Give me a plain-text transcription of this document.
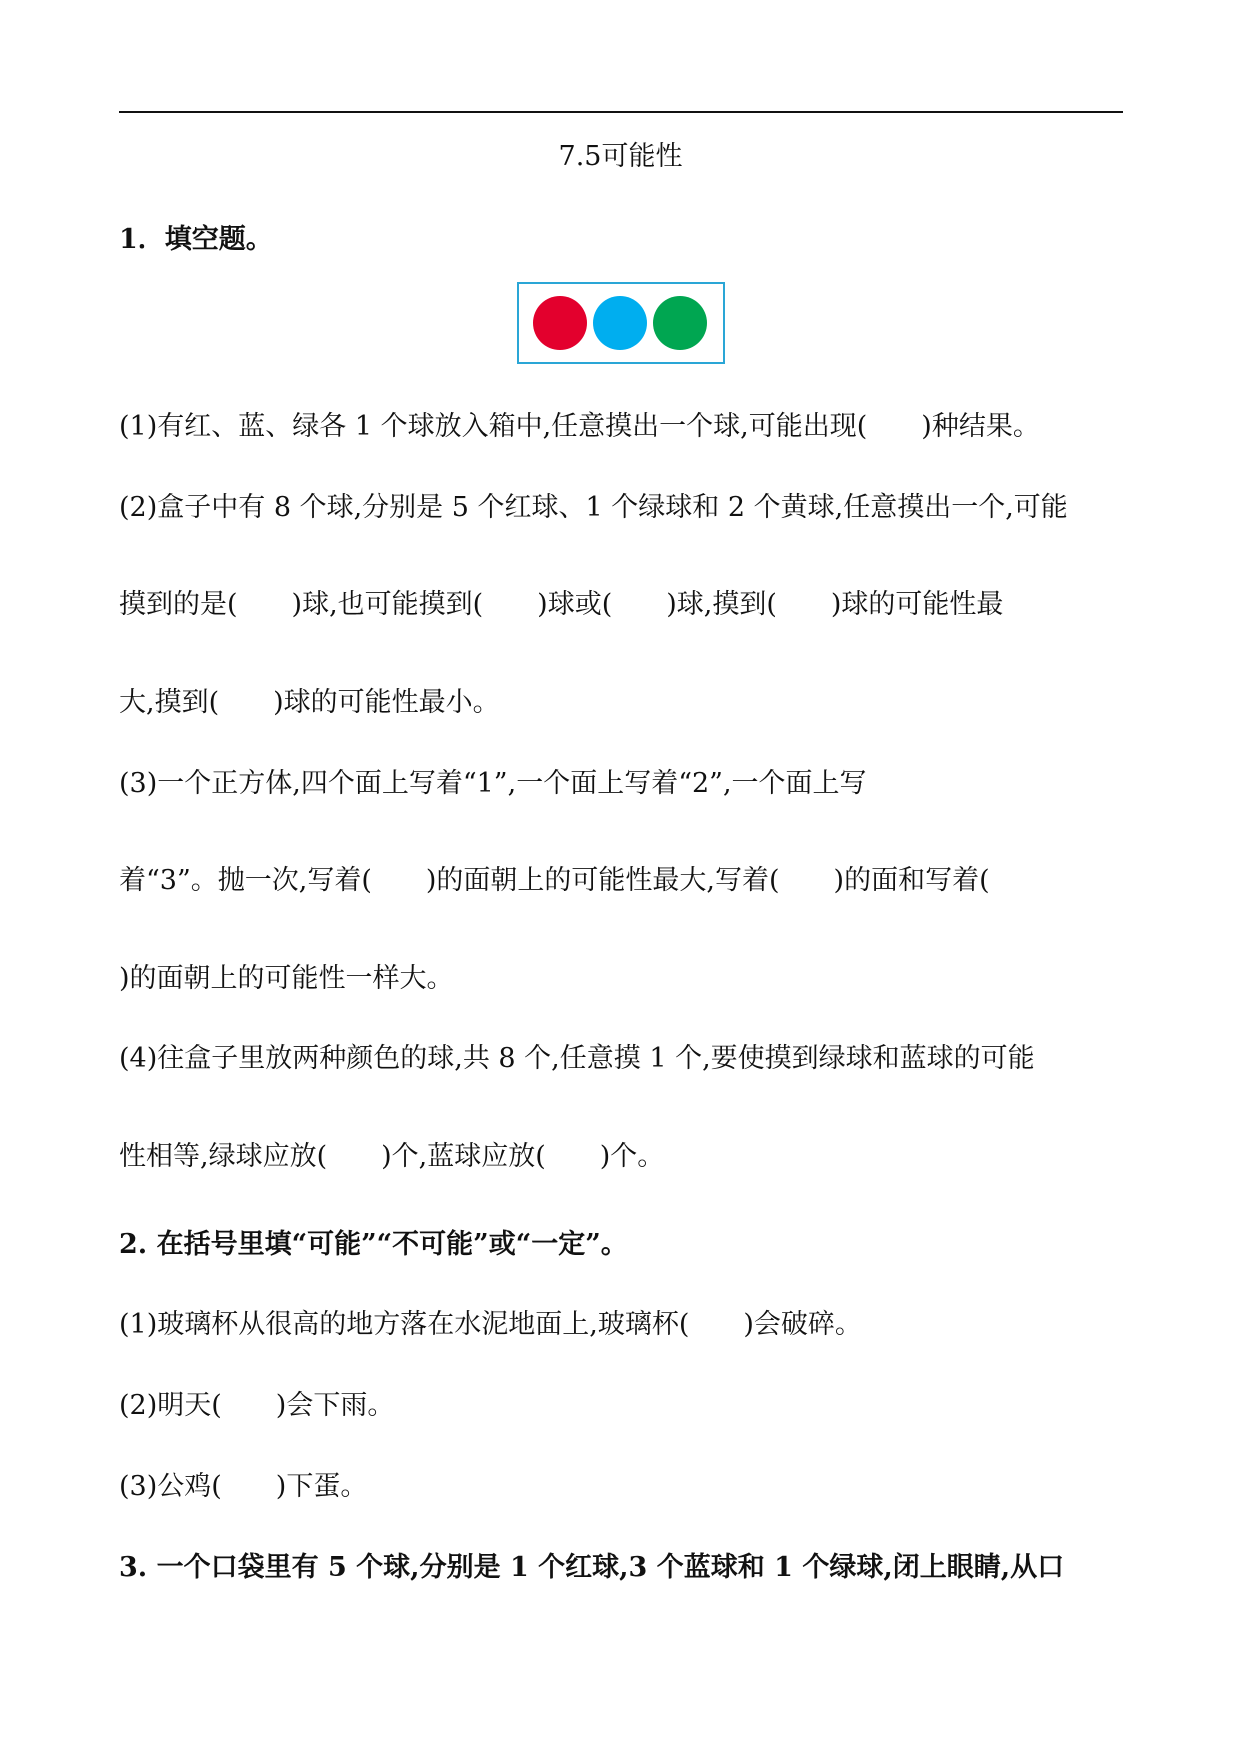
7.5可能性
1．填空题。
(1)有红、蓝、绿各 1 个球放入箱中,任意摸出一个球,可能出现(　　)种结果。
(2)盒子中有 8 个球,分别是 5 个红球、1 个绿球和 2 个黄球,任意摸出一个,可能
摸到的是(　　)球,也可能摸到(　　)球或(　　)球,摸到(　　)球的可能性最
大,摸到(　　)球的可能性最小。
(3)一个正方体,四个面上写着“1”,一个面上写着“2”,一个面上写
着“3”。抛一次,写着(　　)的面朝上的可能性最大,写着(　　)的面和写着(
)的面朝上的可能性一样大。
(4)往盒子里放两种颜色的球,共 8 个,任意摸 1 个,要使摸到绿球和蓝球的可能
性相等,绿球应放(　　)个,蓝球应放(　　)个。
2. 在括号里填“可能”“不可能”或“一定”。
(1)玻璃杯从很高的地方落在水泥地面上,玻璃杯(　　)会破碎。
(2)明天(　　)会下雨。
(3)公鸡(　　)下蛋。
3. 一个口袋里有 5 个球,分别是 1 个红球,3 个蓝球和 1 个绿球,闭上眼睛,从口
